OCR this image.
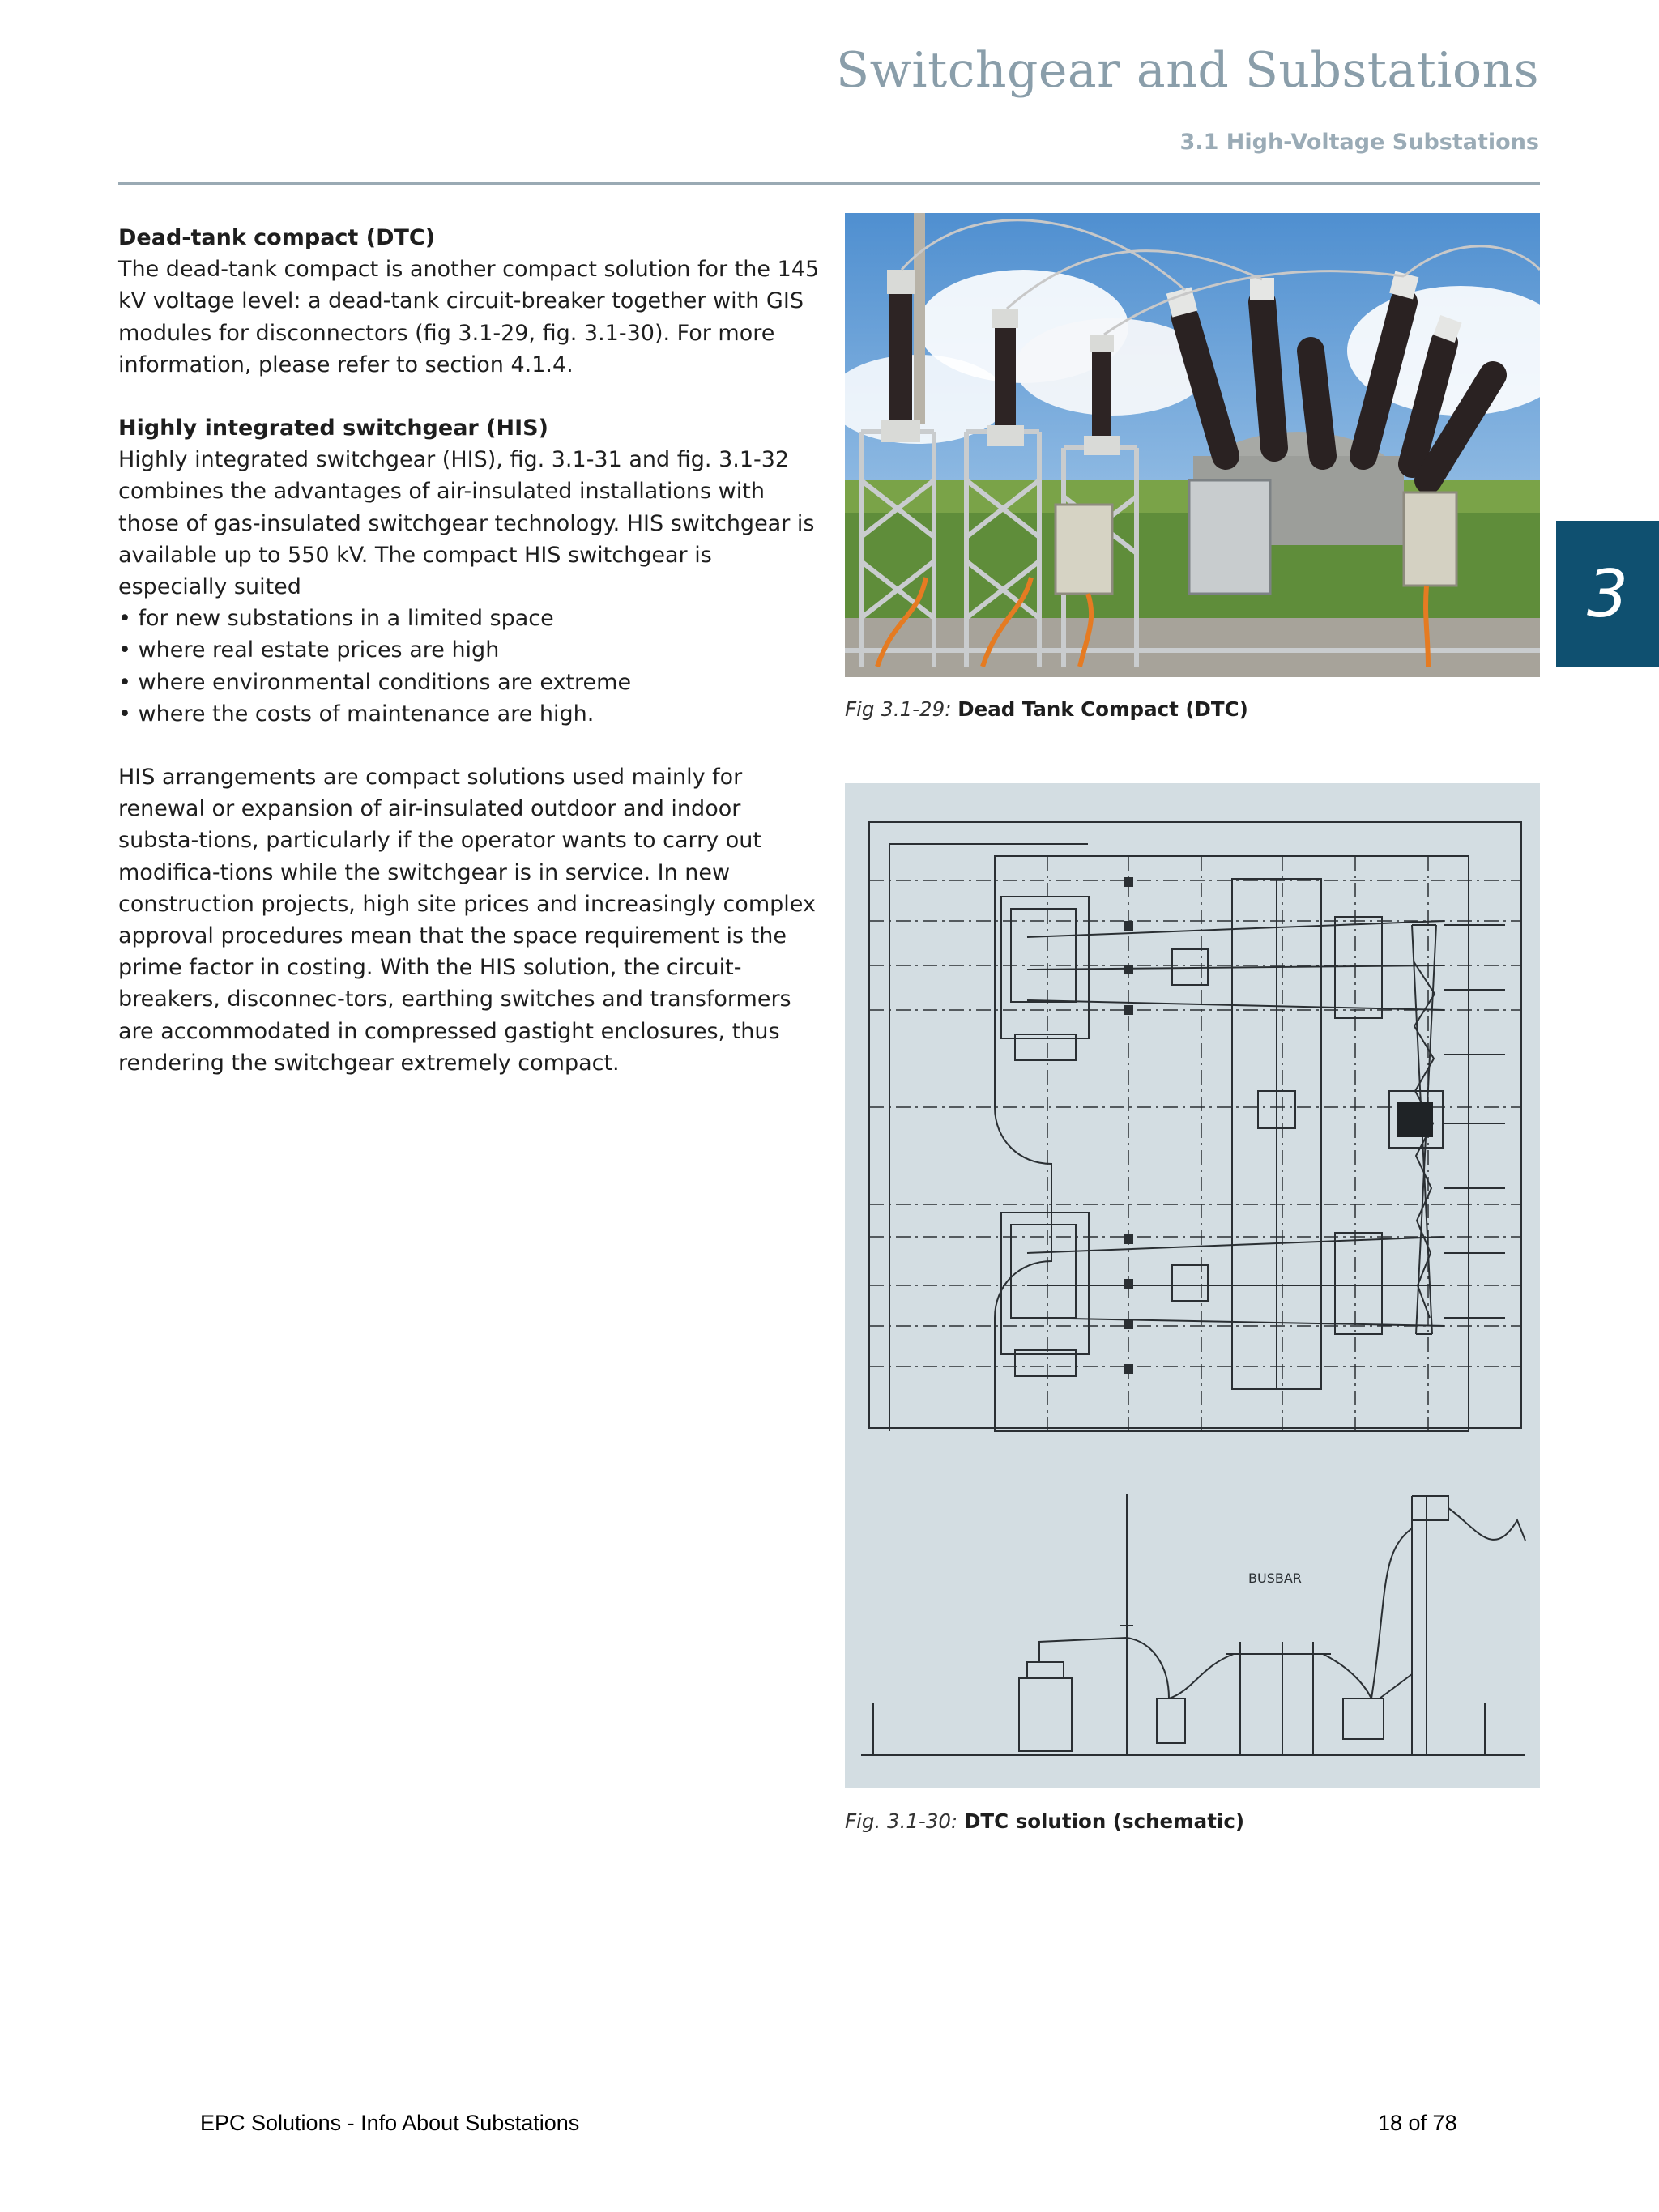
Switchgear and Substations
3.1 High-Voltage Substations
Dead-tank compact (DTC)

The dead-tank compact is another compact solution for the 145 kV voltage level: a dead-tank circuit-breaker together with GIS modules for disconnectors (fig 3.1-29, fig. 3.1-30). For more information, please refer to section 4.1.4.

Highly integrated switchgear (HIS)

Highly integrated switchgear (HIS), fig. 3.1-31 and fig. 3.1-32 combines the advantages of air-insulated installations with those of gas-insulated switchgear technology. HIS switchgear is available up to 550 kV. The compact HIS switchgear is especially suited

• for new substations in a limited space
• where real estate prices are high
• where environmental conditions are extreme
• where the costs of maintenance are high.

HIS arrangements are compact solutions used mainly for renewal or expansion of air-insulated outdoor and indoor substa-tions, particularly if the operator wants to carry out modifica-tions while the switchgear is in service. In new construction projects, high site prices and increasingly complex approval procedures mean that the space requirement is the prime factor in costing. With the HIS solution, the circuit-breakers, disconnec-tors, earthing switches and transformers are accommodated in compressed gastight enclosures, thus rendering the switchgear extremely compact.

Fig 3.1-29: Dead Tank Compact (DTC)
BUSBAR
Fig. 3.1-30: DTC solution (schematic)
3
EPC Solutions - Info About Substations	18 of 78
